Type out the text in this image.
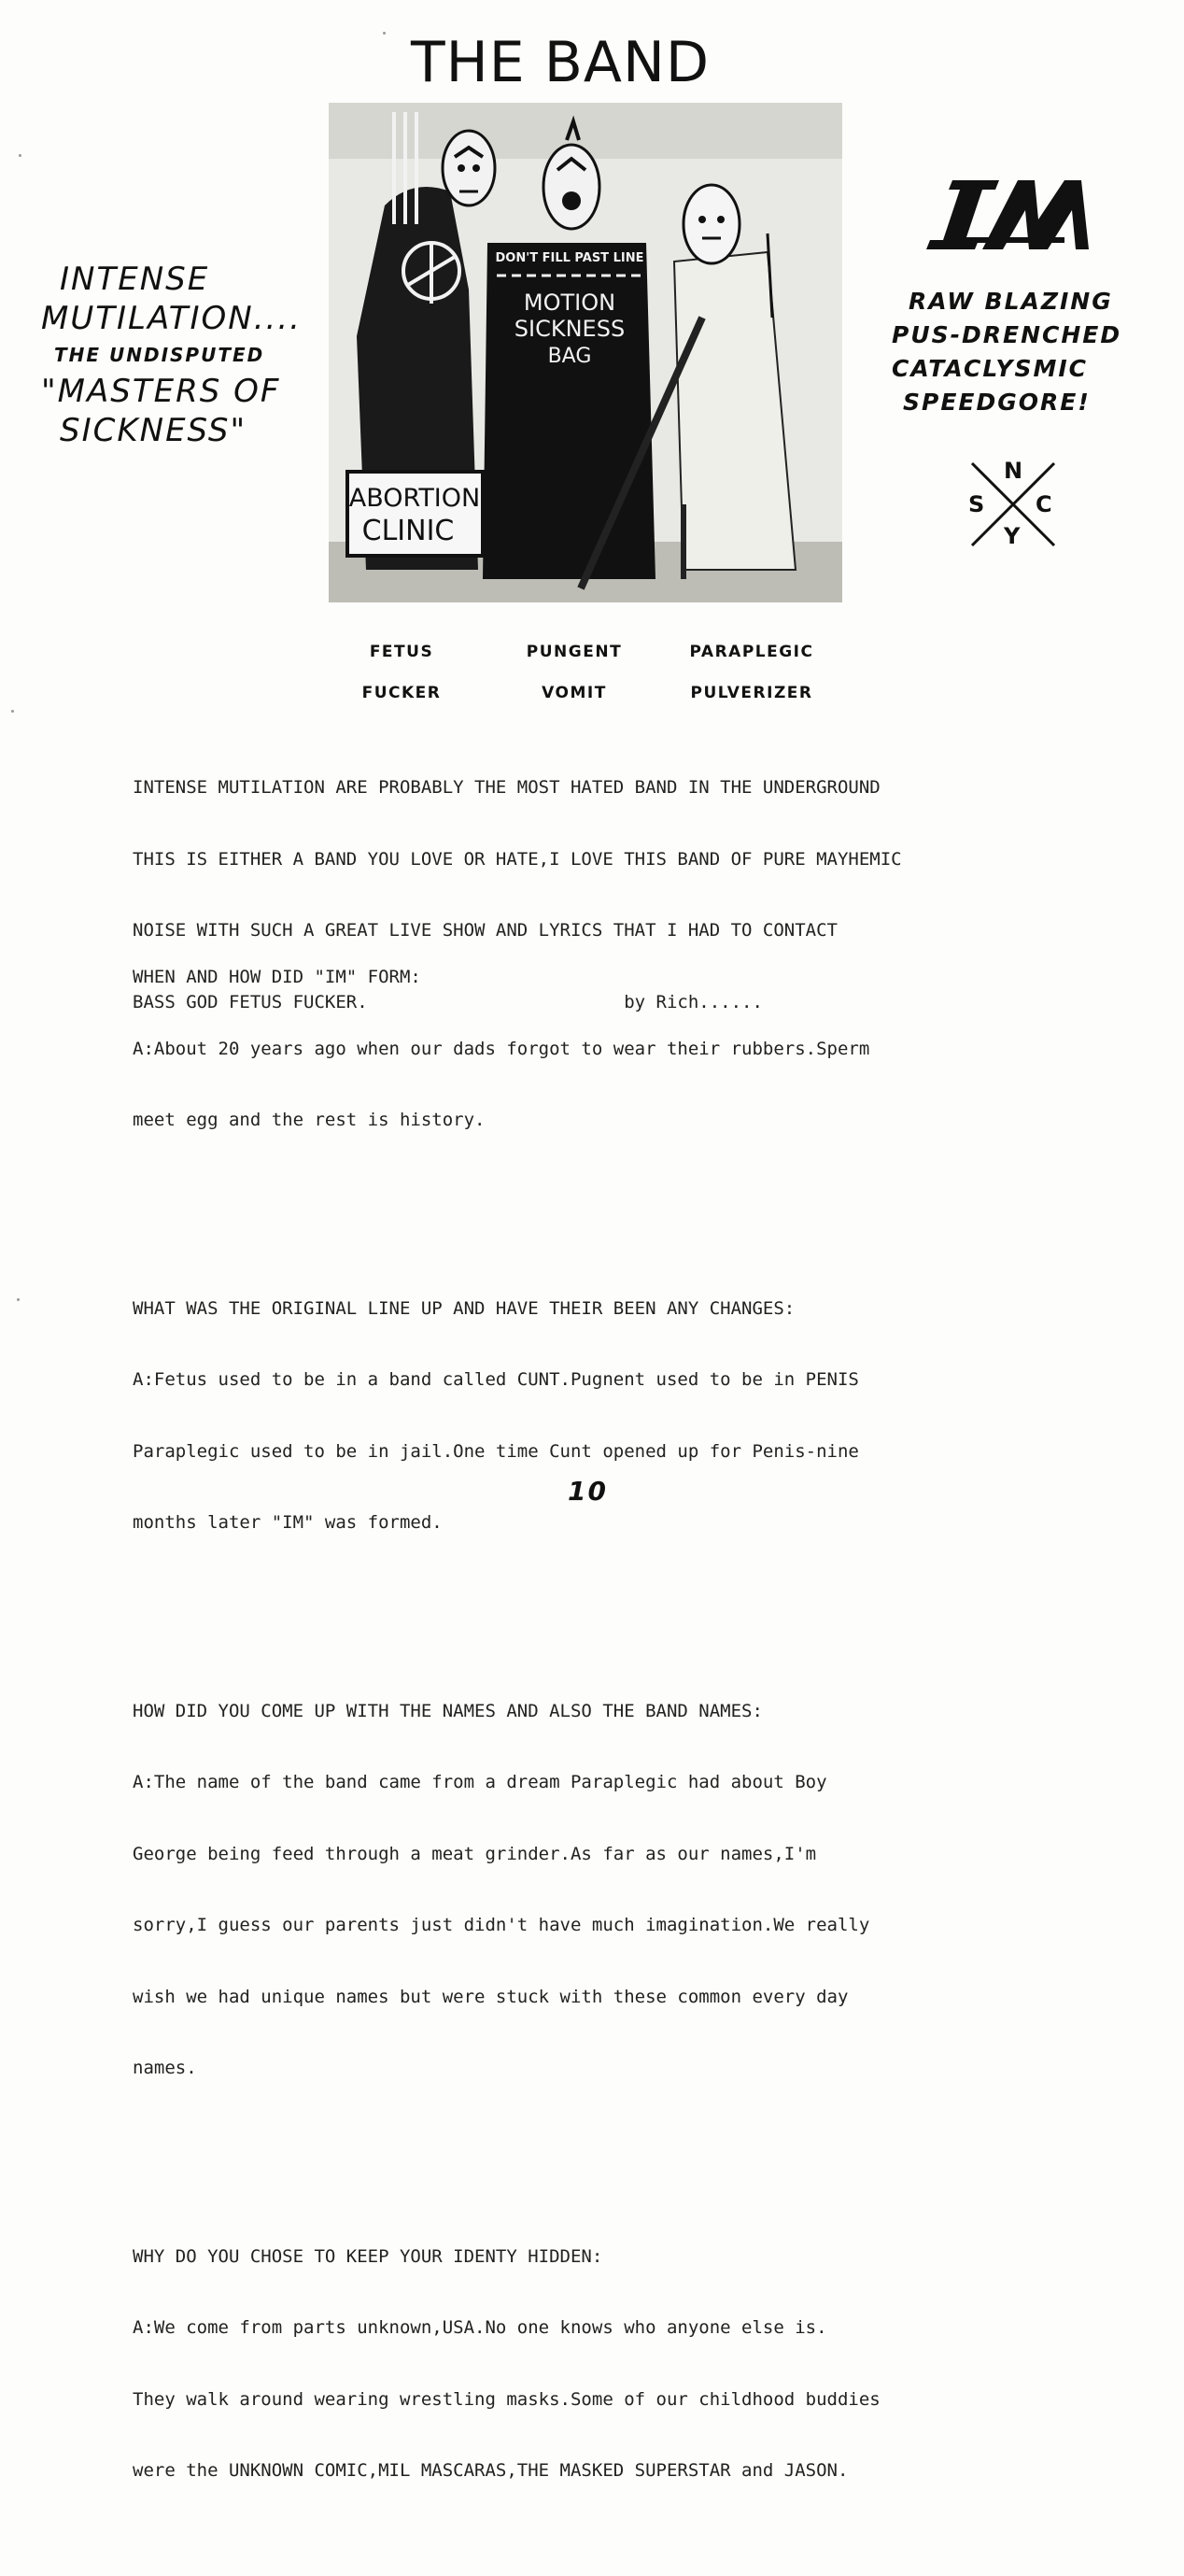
THE BAND
INTENSE
MUTILATION....
THE UNDISPUTED
"MASTERS OF
SICKNESS"
DON'T FILL PAST LINE
MOTION
SICKNESS
BAG
ABORTION
CLINIC

FETUS

FUCKER

PUNGENT

VOMIT

PARAPLEGIC

PULVERIZER

RAW BLAZING
PUS-DRENCHED
CATACLYSMIC
SPEEDGORE!
N
S C
Y

INTENSE MUTILATION ARE PROBABLY THE MOST HATED BAND IN THE UNDERGROUND

THIS IS EITHER A BAND YOU LOVE OR HATE,I LOVE THIS BAND OF PURE MAYHEMIC

NOISE WITH SUCH A GREAT LIVE SHOW AND LYRICS THAT I HAD TO CONTACT

BASS GOD FETUS FUCKER.                        by Rich......

WHEN AND HOW DID "IM" FORM:

A:About 20 years ago when our dads forgot to wear their rubbers.Sperm

meet egg and the rest is history.

WHAT WAS THE ORIGINAL LINE UP AND HAVE THEIR BEEN ANY CHANGES:

A:Fetus used to be in a band called CUNT.Pugnent used to be in PENIS

Paraplegic used to be in jail.One time Cunt opened up for Penis-nine

months later "IM" was formed.

HOW DID YOU COME UP WITH THE NAMES AND ALSO THE BAND NAMES:

A:The name of the band came from a dream Paraplegic had about Boy

George being feed through a meat grinder.As far as our names,I'm

sorry,I guess our parents just didn't have much imagination.We really

wish we had unique names but were stuck with these common every day

names.

WHY DO YOU CHOSE TO KEEP YOUR IDENTY HIDDEN:

A:We come from parts unknown,USA.No one knows who anyone else is.

They walk around wearing wrestling masks.Some of our childhood buddies

were the UNKNOWN COMIC,MIL MASCARAS,THE MASKED SUPERSTAR and JASON.

10
